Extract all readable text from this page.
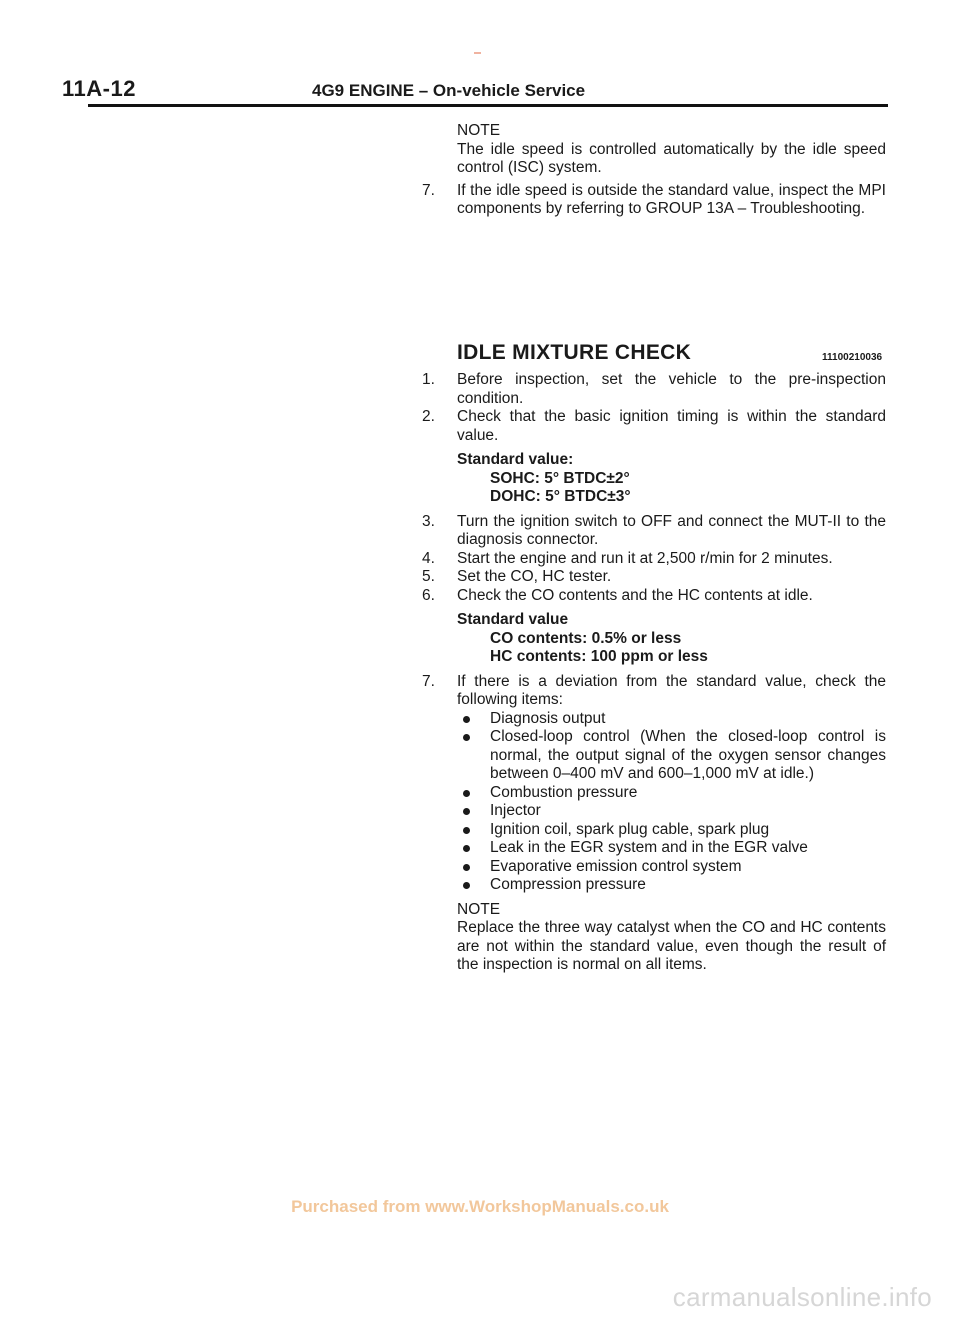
11A-12	4G9 ENGINE – On-vehicle Service
NOTE
The idle speed is controlled automatically by the idle speed control (ISC) system.
7.	If the idle speed is outside the standard value, inspect the MPI components by referring to GROUP 13A – Troubleshooting.
IDLE MIXTURE CHECK	11100210036
1.	Before inspection, set the vehicle to the pre-inspection condition.
2.	Check that the basic ignition timing is within the standard value.
Standard value:
SOHC: 5° BTDC±2°
DOHC: 5° BTDC±3°
3.	Turn the ignition switch to OFF and connect the MUT-II to the diagnosis connector.
4.	Start the engine and run it at 2,500 r/min for 2 minutes.
5.	Set the CO, HC tester.
6.	Check the CO contents and the HC contents at idle.
Standard value
CO contents: 0.5% or less
HC contents: 100 ppm or less
7.	If there is a deviation from the standard value, check the following items:
Diagnosis output
Closed-loop control (When the closed-loop control is normal, the output signal of the oxygen sensor changes between 0–400 mV and 600–1,000 mV at idle.)
Combustion pressure
Injector
Ignition coil, spark plug cable, spark plug
Leak in the EGR system and in the EGR valve
Evaporative emission control system
Compression pressure
NOTE
Replace the three way catalyst when the CO and HC contents are not within the standard value, even though the result of the inspection is normal on all items.
Purchased from www.WorkshopManuals.co.uk
carmanualsonline.info
